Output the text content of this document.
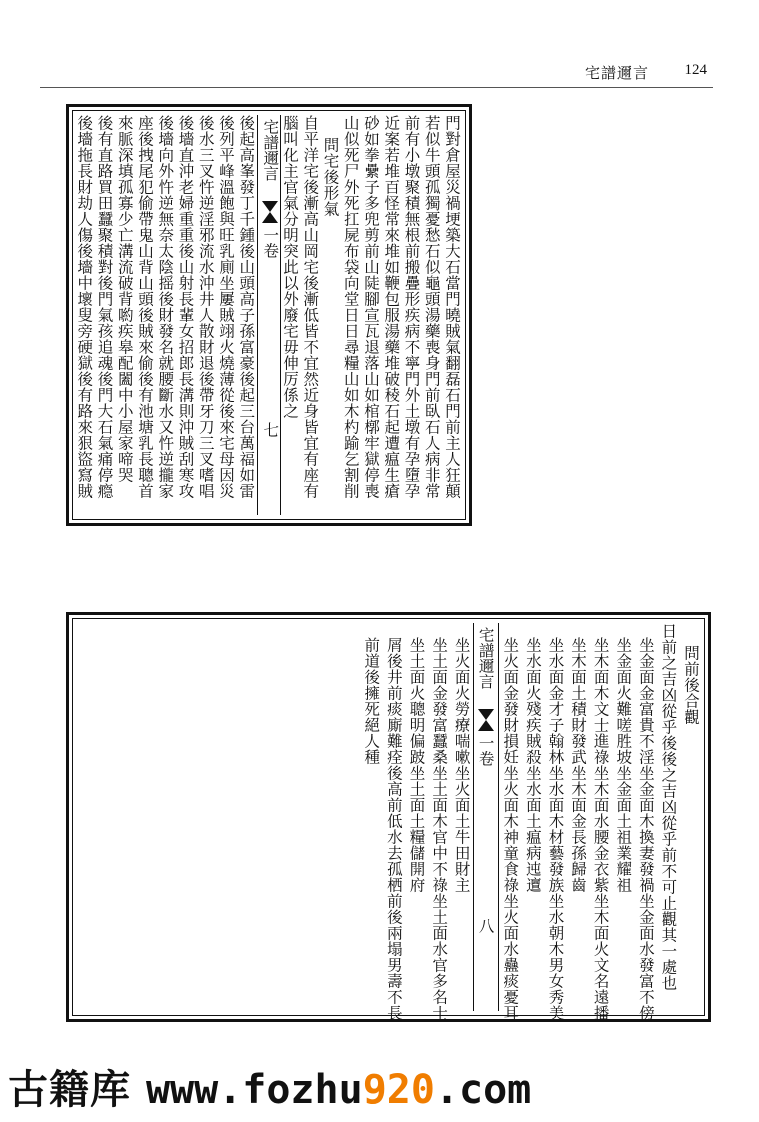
宅譜邇言 124
門對倉屋災禍埂築大石當門曉賊氣翻磊石門前主人狂顛
若似牛頭孤獨憂愁石似龜頭湯藥喪身門前臥石人病非常
前有小墩聚積無根前搬疊形疾病不寧門外土墩有孕墮孕
近案若堆百怪常來堆如鞭包服湯藥堆破稜石起遭瘟生瘡
砂如拳纍子多兜剪前山陡腳宣瓦退落山如棺槨牢獄停喪
山似死尸外死扛屍布袋向堂日日尋糧山如木杓踰乞割削
問宅後形氣
自平洋宅後漸高山岡宅後漸低皆不宜然近身皆宜有座有
腦叫化主官氣分明突此以外廢宅毋伸厉係之
宅譜邇言
一卷
七
後起高峯發丁千鍾後山頭高子孫富豪後起三台萬福如雷
後列平峰溫飽與旺乳廁坐屢賊翊火燒薄從後來宅母因災
後水三叉忤逆淫邪流水沖井人散財退後帶牙刀三叉嗜唱
後墻直沖老婦重重後山射長輩女招郎長溝則沖賊刮寒攻
後墻向外忤逆無奈太陰摇後財發名就腰斷水又忤逆攏家
座後拽尾犯偷帶鬼山背山頭後賊來偷後有池塘乳長聰首
來脈深填孤寡少亡溝流破背喲疾皋配闔中小屋家啼哭
後有直路買田蠶聚積對後門氣孩追魂後門大石氣痛停瘾
後墻拖長財劫人傷後墻中壞叟旁硬獄後有路來狠盜寫賊
問前後合觀
日前之吉凶從乎後後之吉凶從乎前不可止觀其一處也
坐金面金富貴不淫坐金面木換妻發禍坐金面水發富不傍
坐金面火難嗟胜坡坐金面土祖業耀祖
坐木面木文士進祿坐木面水腰金衣紫坐木面火文名遠播
坐木面土積財發武坐木面金長孫歸齒
坐水面金才子翰林坐水面木材藝發族坐水朝木男女秀美
坐水面火殘疾賊殺坐水面土瘟病迍邅
坐火面金發財損妊坐火面木神童食祿坐火面水蠱痰憂耳
宅譜邇言
一卷
八
坐火面火勞療喘嗽坐火面土牛田財主
坐土面金發富蠶桑坐土面木官中不祿坐土面水官多名士
坐土面火聰明偏跛坐土面土糧儲開府
屑後井前痰廝難痊後高前低水去孤栖前後兩塌男壽不長
前道後擁死絕人種
古籍库 www.fozhu920.com
